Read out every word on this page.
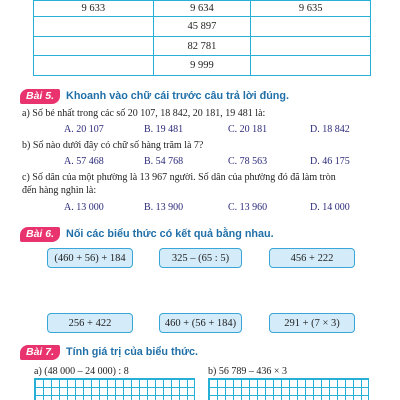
9 633	9 634	9 635
	45 897	
	82 781	
	9 999	
Bài 5.	Khoanh vào chữ cái trước câu trả lời đúng.
a) Số bé nhất trong các số 20 107, 18 842, 20 181, 19 481 là:
A. 20 107	B. 19 481	C. 20 181	D. 18 842
b) Số nào dưới đây có chữ số hàng trăm là 7?
A. 57 468	B. 54 768	C. 78 563	D. 46 175
c) Số dân của một phường là 13 967 người. Số dân của phường đó đã làm tròn
đến hàng nghìn là:
A. 13 000	B. 13 900	C. 13 960	D. 14 000
Bài 6.	Nối các biểu thức có kết quả bằng nhau.
(460 + 56) + 184	325 – (65 : 5)	456 + 222
256 + 422	460 + (56 + 184)	291 + (7 × 3)
Bài 7.	Tính giá trị của biểu thức.
a) (48 000 – 24 000) : 8	b) 56 789 – 436 × 3
